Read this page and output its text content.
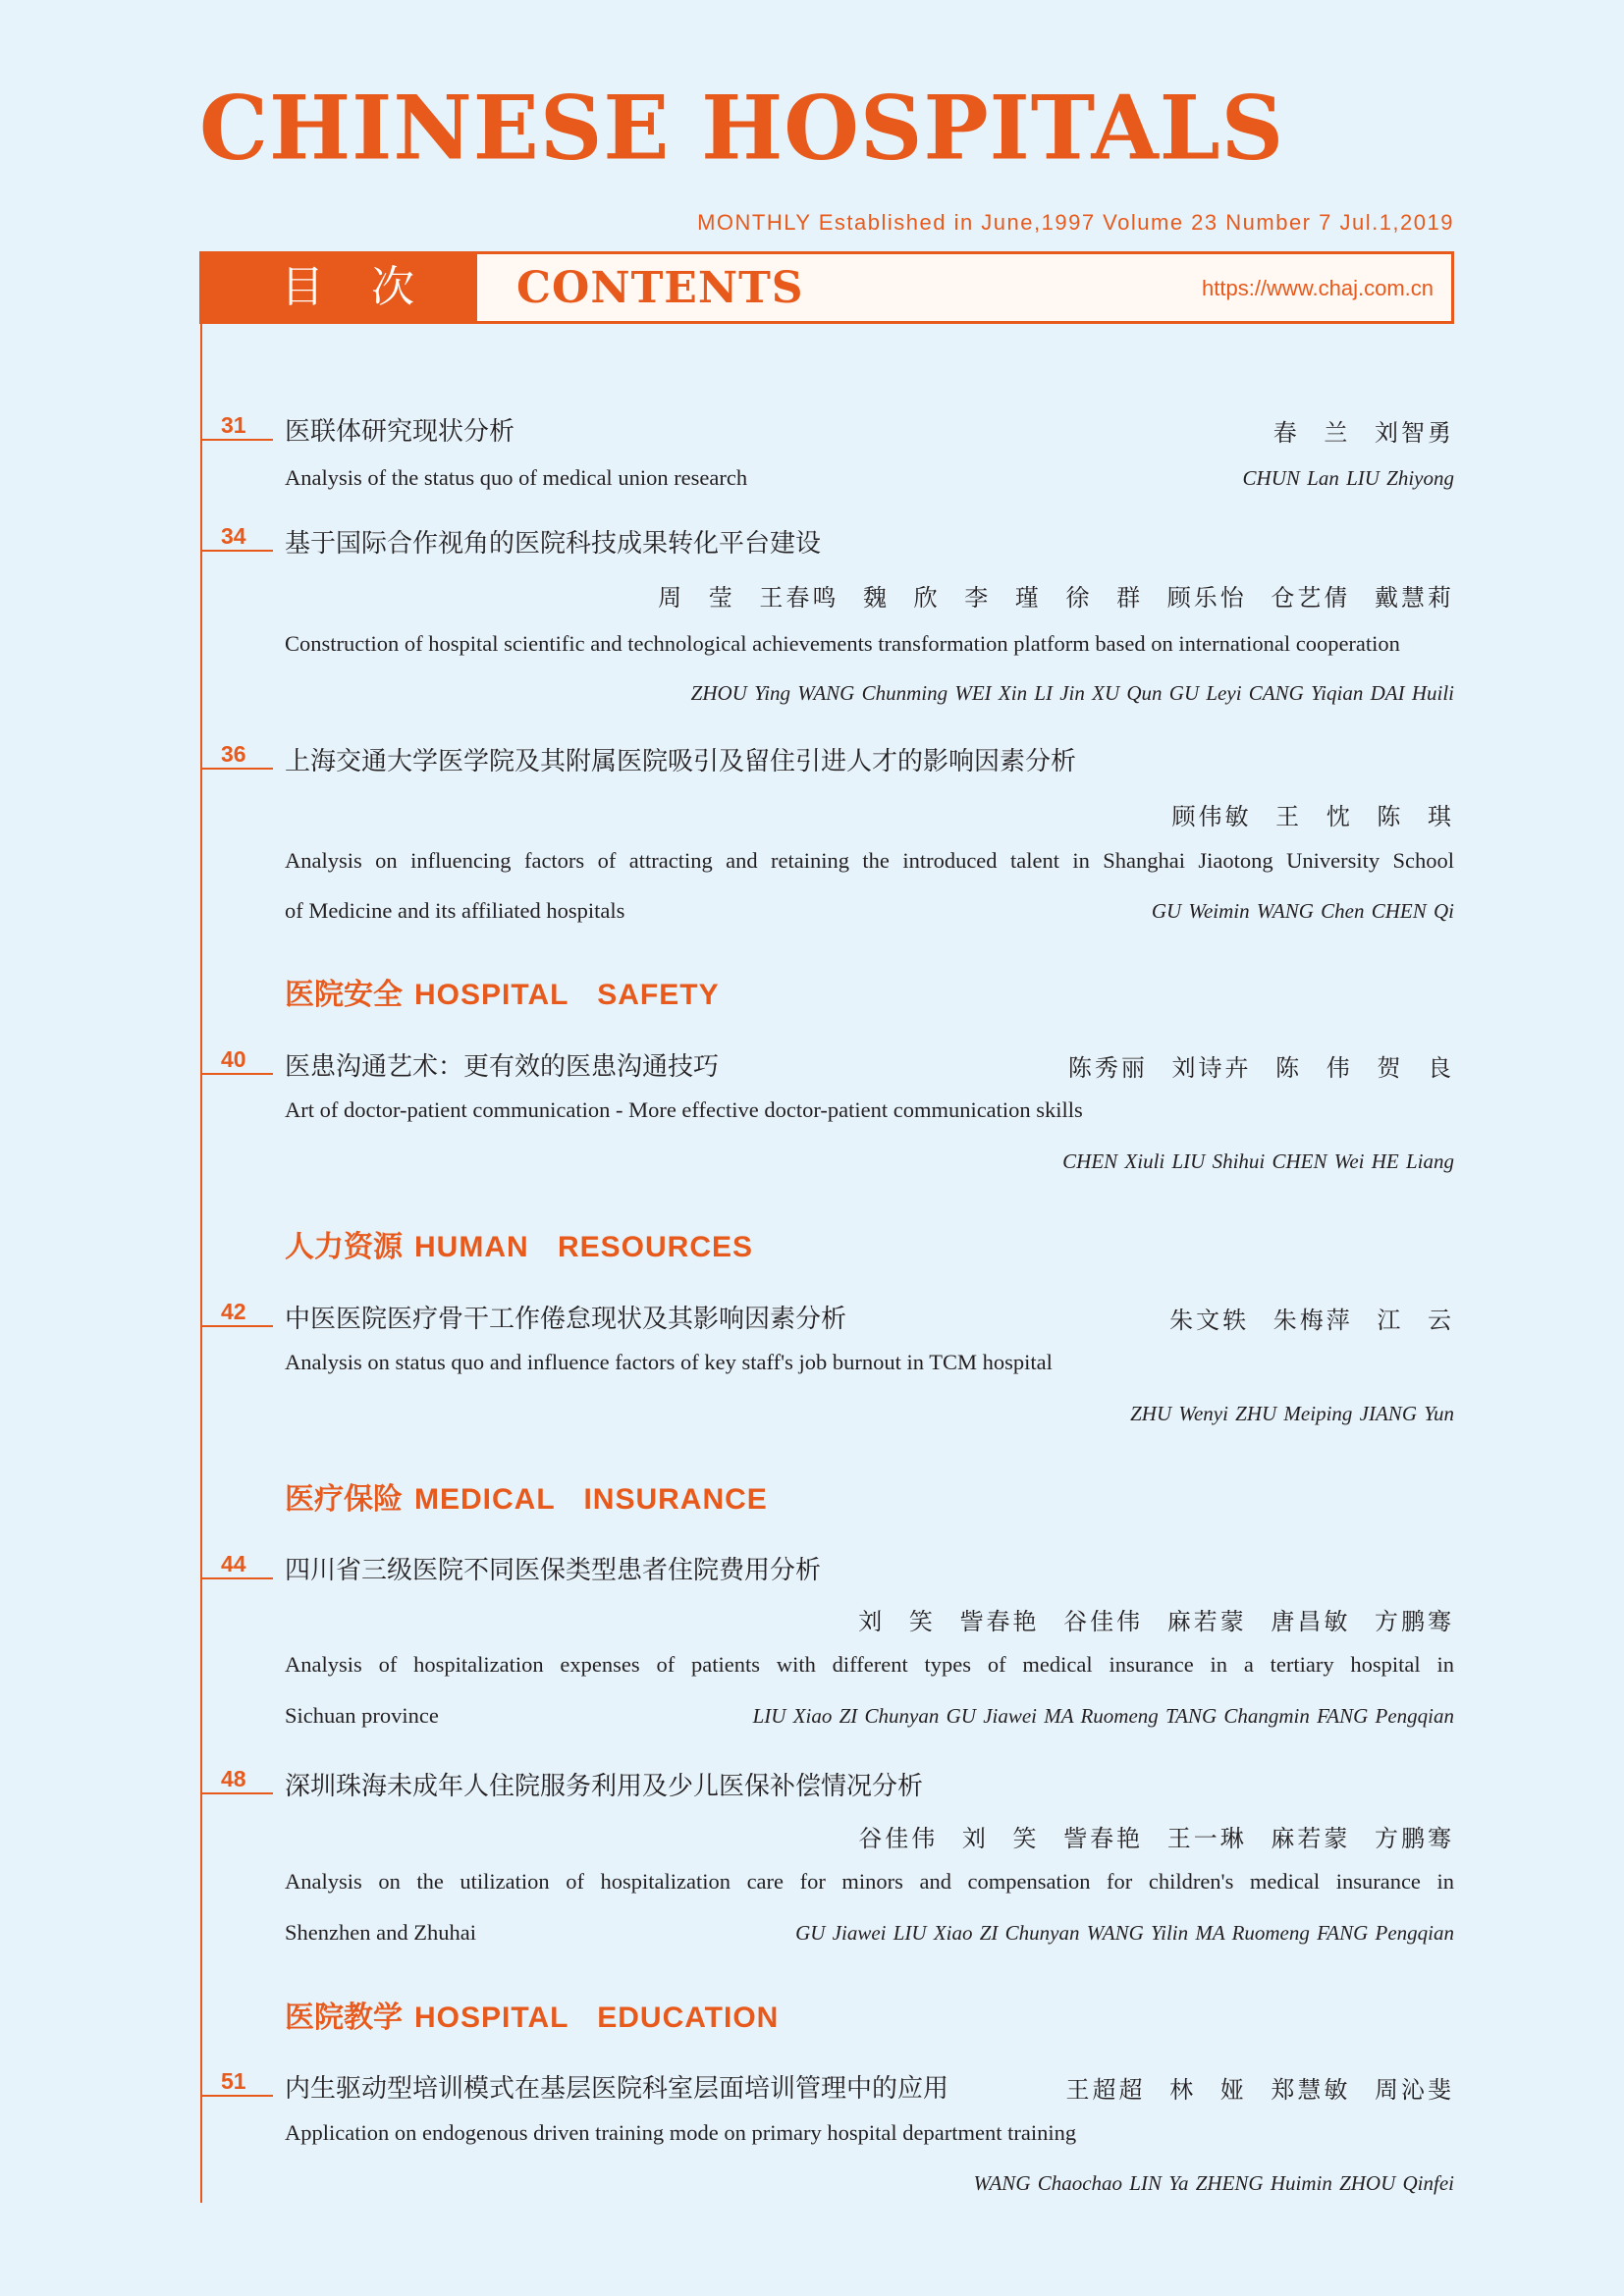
CHINESE HOSPITALS
MONTHLY Established in June,1997 Volume 23 Number 7 Jul.1,2019
目次 CONTENTS	https://www.chaj.com.cn
31 医联体研究现状分析	春 兰 刘智勇
Analysis of the status quo of medical union research	CHUN Lan LIU Zhiyong
34 基于国际合作视角的医院科技成果转化平台建设
周 莹 王春鸣 魏 欣 李 瑾 徐 群 顾乐怡 仓艺倩 戴慧莉
Construction of hospital scientific and technological achievements transformation platform based on international cooperation
ZHOU Ying WANG Chunming WEI Xin LI Jin XU Qun GU Leyi CANG Yiqian DAI Huili
36 上海交通大学医学院及其附属医院吸引及留住引进人才的影响因素分析
顾伟敏 王 忱 陈 琪
Analysis on influencing factors of attracting and retaining the introduced talent in Shanghai Jiaotong University School
of Medicine and its affiliated hospitals	GU Weimin WANG Chen CHEN Qi
医院安全 HOSPITAL SAFETY
40 医患沟通艺术：更有效的医患沟通技巧	陈秀丽 刘诗卉 陈 伟 贺 良
Art of doctor-patient communication - More effective doctor-patient communication skills
CHEN Xiuli LIU Shihui CHEN Wei HE Liang
人力资源 HUMAN RESOURCES
42 中医医院医疗骨干工作倦怠现状及其影响因素分析	朱文轶 朱梅萍 江 云
Analysis on status quo and influence factors of key staff's job burnout in TCM hospital
ZHU Wenyi ZHU Meiping JIANG Yun
医疗保险 MEDICAL INSURANCE
44 四川省三级医院不同医保类型患者住院费用分析
刘 笑 訾春艳 谷佳伟 麻若蒙 唐昌敏 方鹏骞
Analysis of hospitalization expenses of patients with different types of medical insurance in a tertiary hospital in
Sichuan province	LIU Xiao ZI Chunyan GU Jiawei MA Ruomeng TANG Changmin FANG Pengqian
48 深圳珠海未成年人住院服务利用及少儿医保补偿情况分析
谷佳伟 刘 笑 訾春艳 王一琳 麻若蒙 方鹏骞
Analysis on the utilization of hospitalization care for minors and compensation for children's medical insurance in
Shenzhen and Zhuhai	GU Jiawei LIU Xiao ZI Chunyan WANG Yilin MA Ruomeng FANG Pengqian
医院教学 HOSPITAL EDUCATION
51 内生驱动型培训模式在基层医院科室层面培训管理中的应用	王超超 林 娅 郑慧敏 周沁斐
Application on endogenous driven training mode on primary hospital department training
WANG Chaochao LIN Ya ZHENG Huimin ZHOU Qinfei
